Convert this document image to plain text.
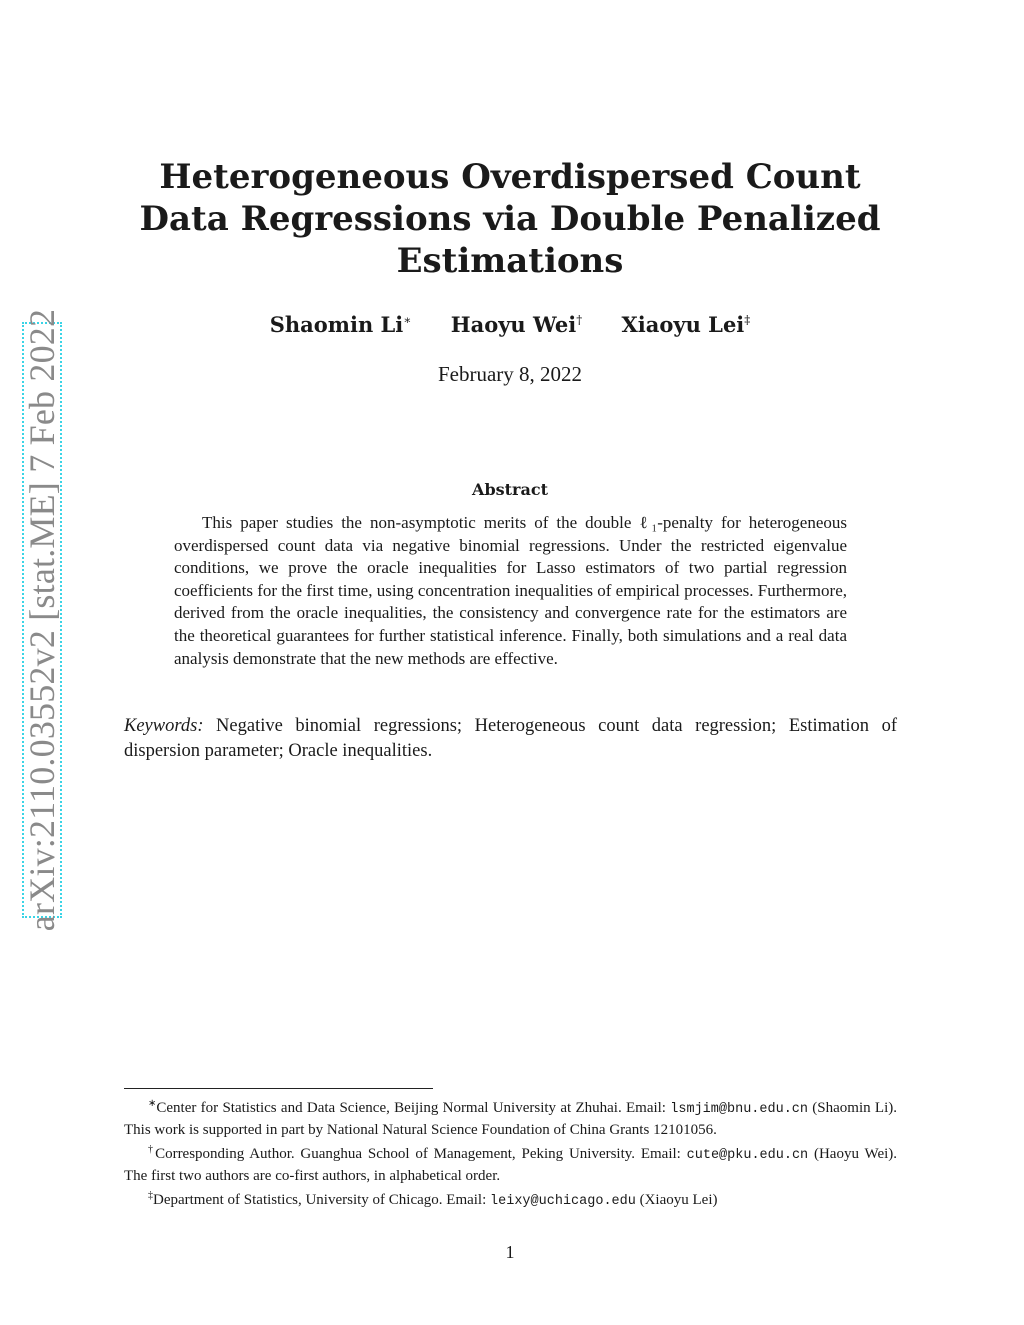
arXiv:2110.03552v2 [stat.ME] 7 Feb 2022
Heterogeneous Overdispersed Count Data Regressions via Double Penalized Estimations
Shaomin Li∗ Haoyu Wei† Xiaoyu Lei‡
February 8, 2022
Abstract
This paper studies the non-asymptotic merits of the double ℓ₁-penalty for heterogeneous overdispersed count data via negative binomial regressions. Under the restricted eigenvalue conditions, we prove the oracle inequalities for Lasso estimators of two partial regression coefficients for the first time, using concentration inequalities of empirical processes. Furthermore, derived from the oracle inequalities, the consistency and convergence rate for the estimators are the theoretical guarantees for further statistical inference. Finally, both simulations and a real data analysis demonstrate that the new methods are effective.
Keywords: Negative binomial regressions; Heterogeneous count data regression; Estimation of dispersion parameter; Oracle inequalities.
∗Center for Statistics and Data Science, Beijing Normal University at Zhuhai. Email: lsmjim@bnu.edu.cn (Shaomin Li). This work is supported in part by National Natural Science Foundation of China Grants 12101056.
†Corresponding Author. Guanghua School of Management, Peking University. Email: cute@pku.edu.cn (Haoyu Wei). The first two authors are co-first authors, in alphabetical order.
‡Department of Statistics, University of Chicago. Email: leixy@uchicago.edu (Xiaoyu Lei)
1
